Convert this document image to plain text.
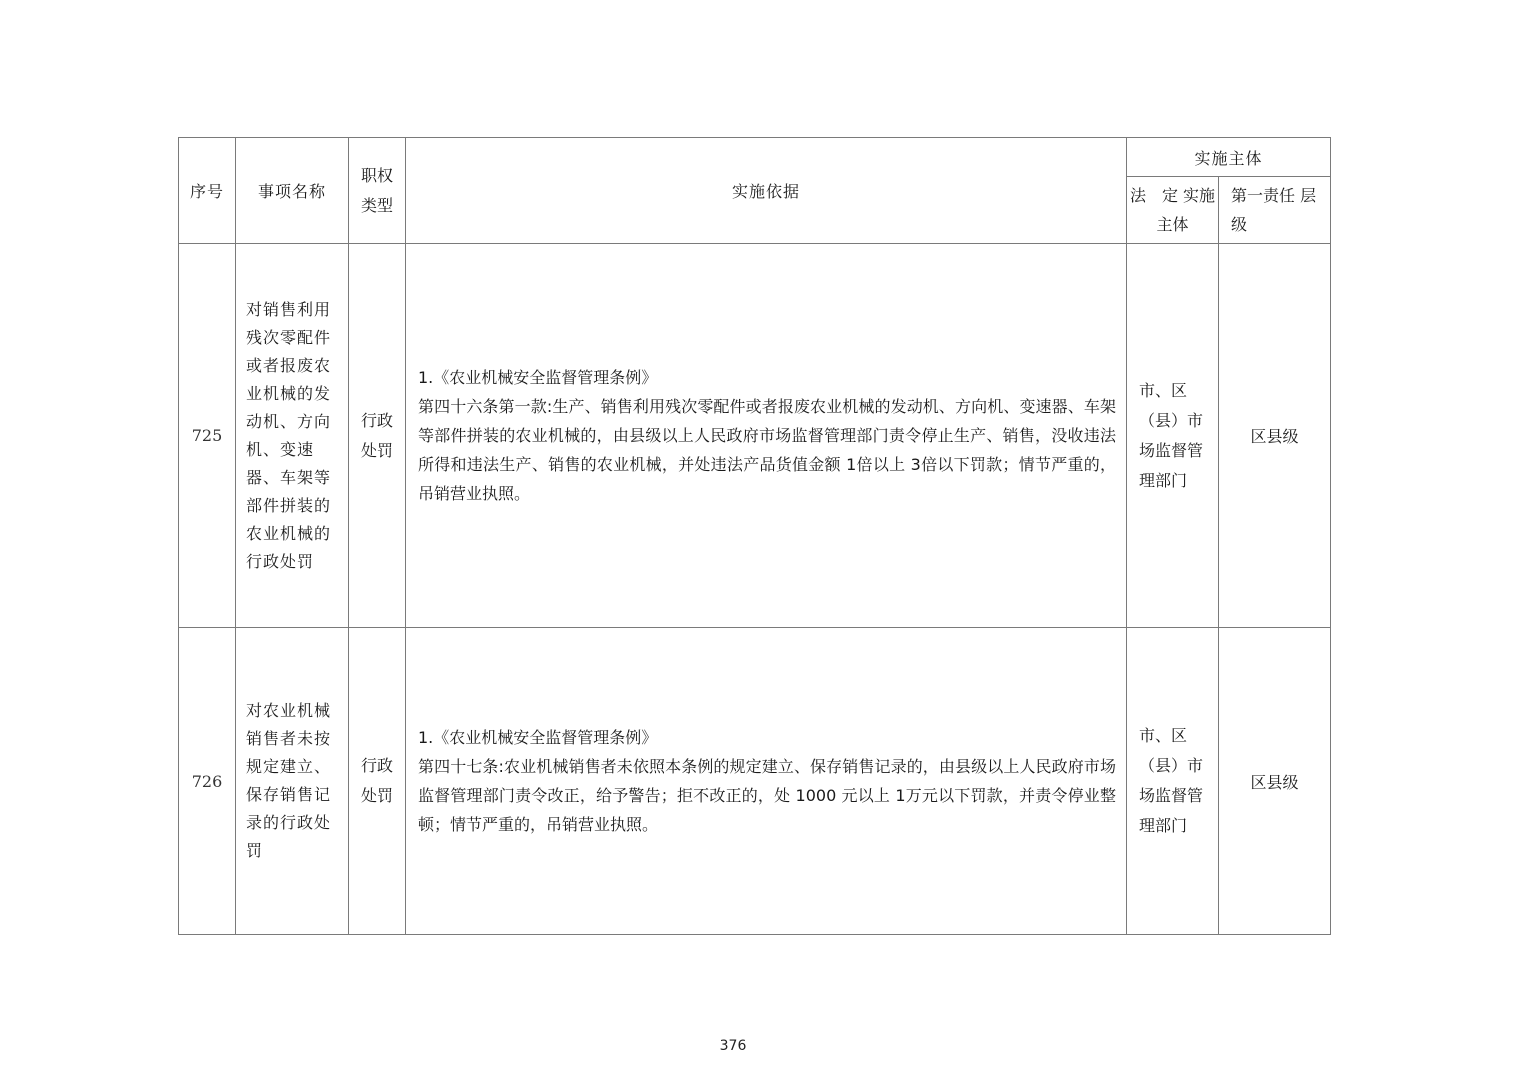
序号	事项名称	职权类型	实施依据	实施主体	
				法　定 实施主体	第一责任 层级
725	对销售利用残次零配件或者报废农业机械的发动机、方向机、变速器、车架等部件拼装的农业机械的行政处罚	行政处罚	1.《农业机械安全监督管理条例》
第四十六条第一款:生产、销售利用残次零配件或者报废农业机械的发动机、方向机、变速器、车架等部件拼装的农业机械的，由县级以上人民政府市场监督管理部门责令停止生产、销售，没收违法所得和违法生产、销售的农业机械，并处违法产品货值金额 1倍以上 3倍以下罚款；情节严重的，吊销营业执照。	市、区（县）市场监督管理部门	区县级
726	对农业机械销售者未按规定建立、保存销售记录的行政处罚	行政处罚	1.《农业机械安全监督管理条例》
第四十七条:农业机械销售者未依照本条例的规定建立、保存销售记录的，由县级以上人民政府市场监督管理部门责令改正，给予警告；拒不改正的，处 1000 元以上 1万元以下罚款，并责令停业整顿；情节严重的，吊销营业执照。	市、区（县）市场监督管理部门	区县级
376
